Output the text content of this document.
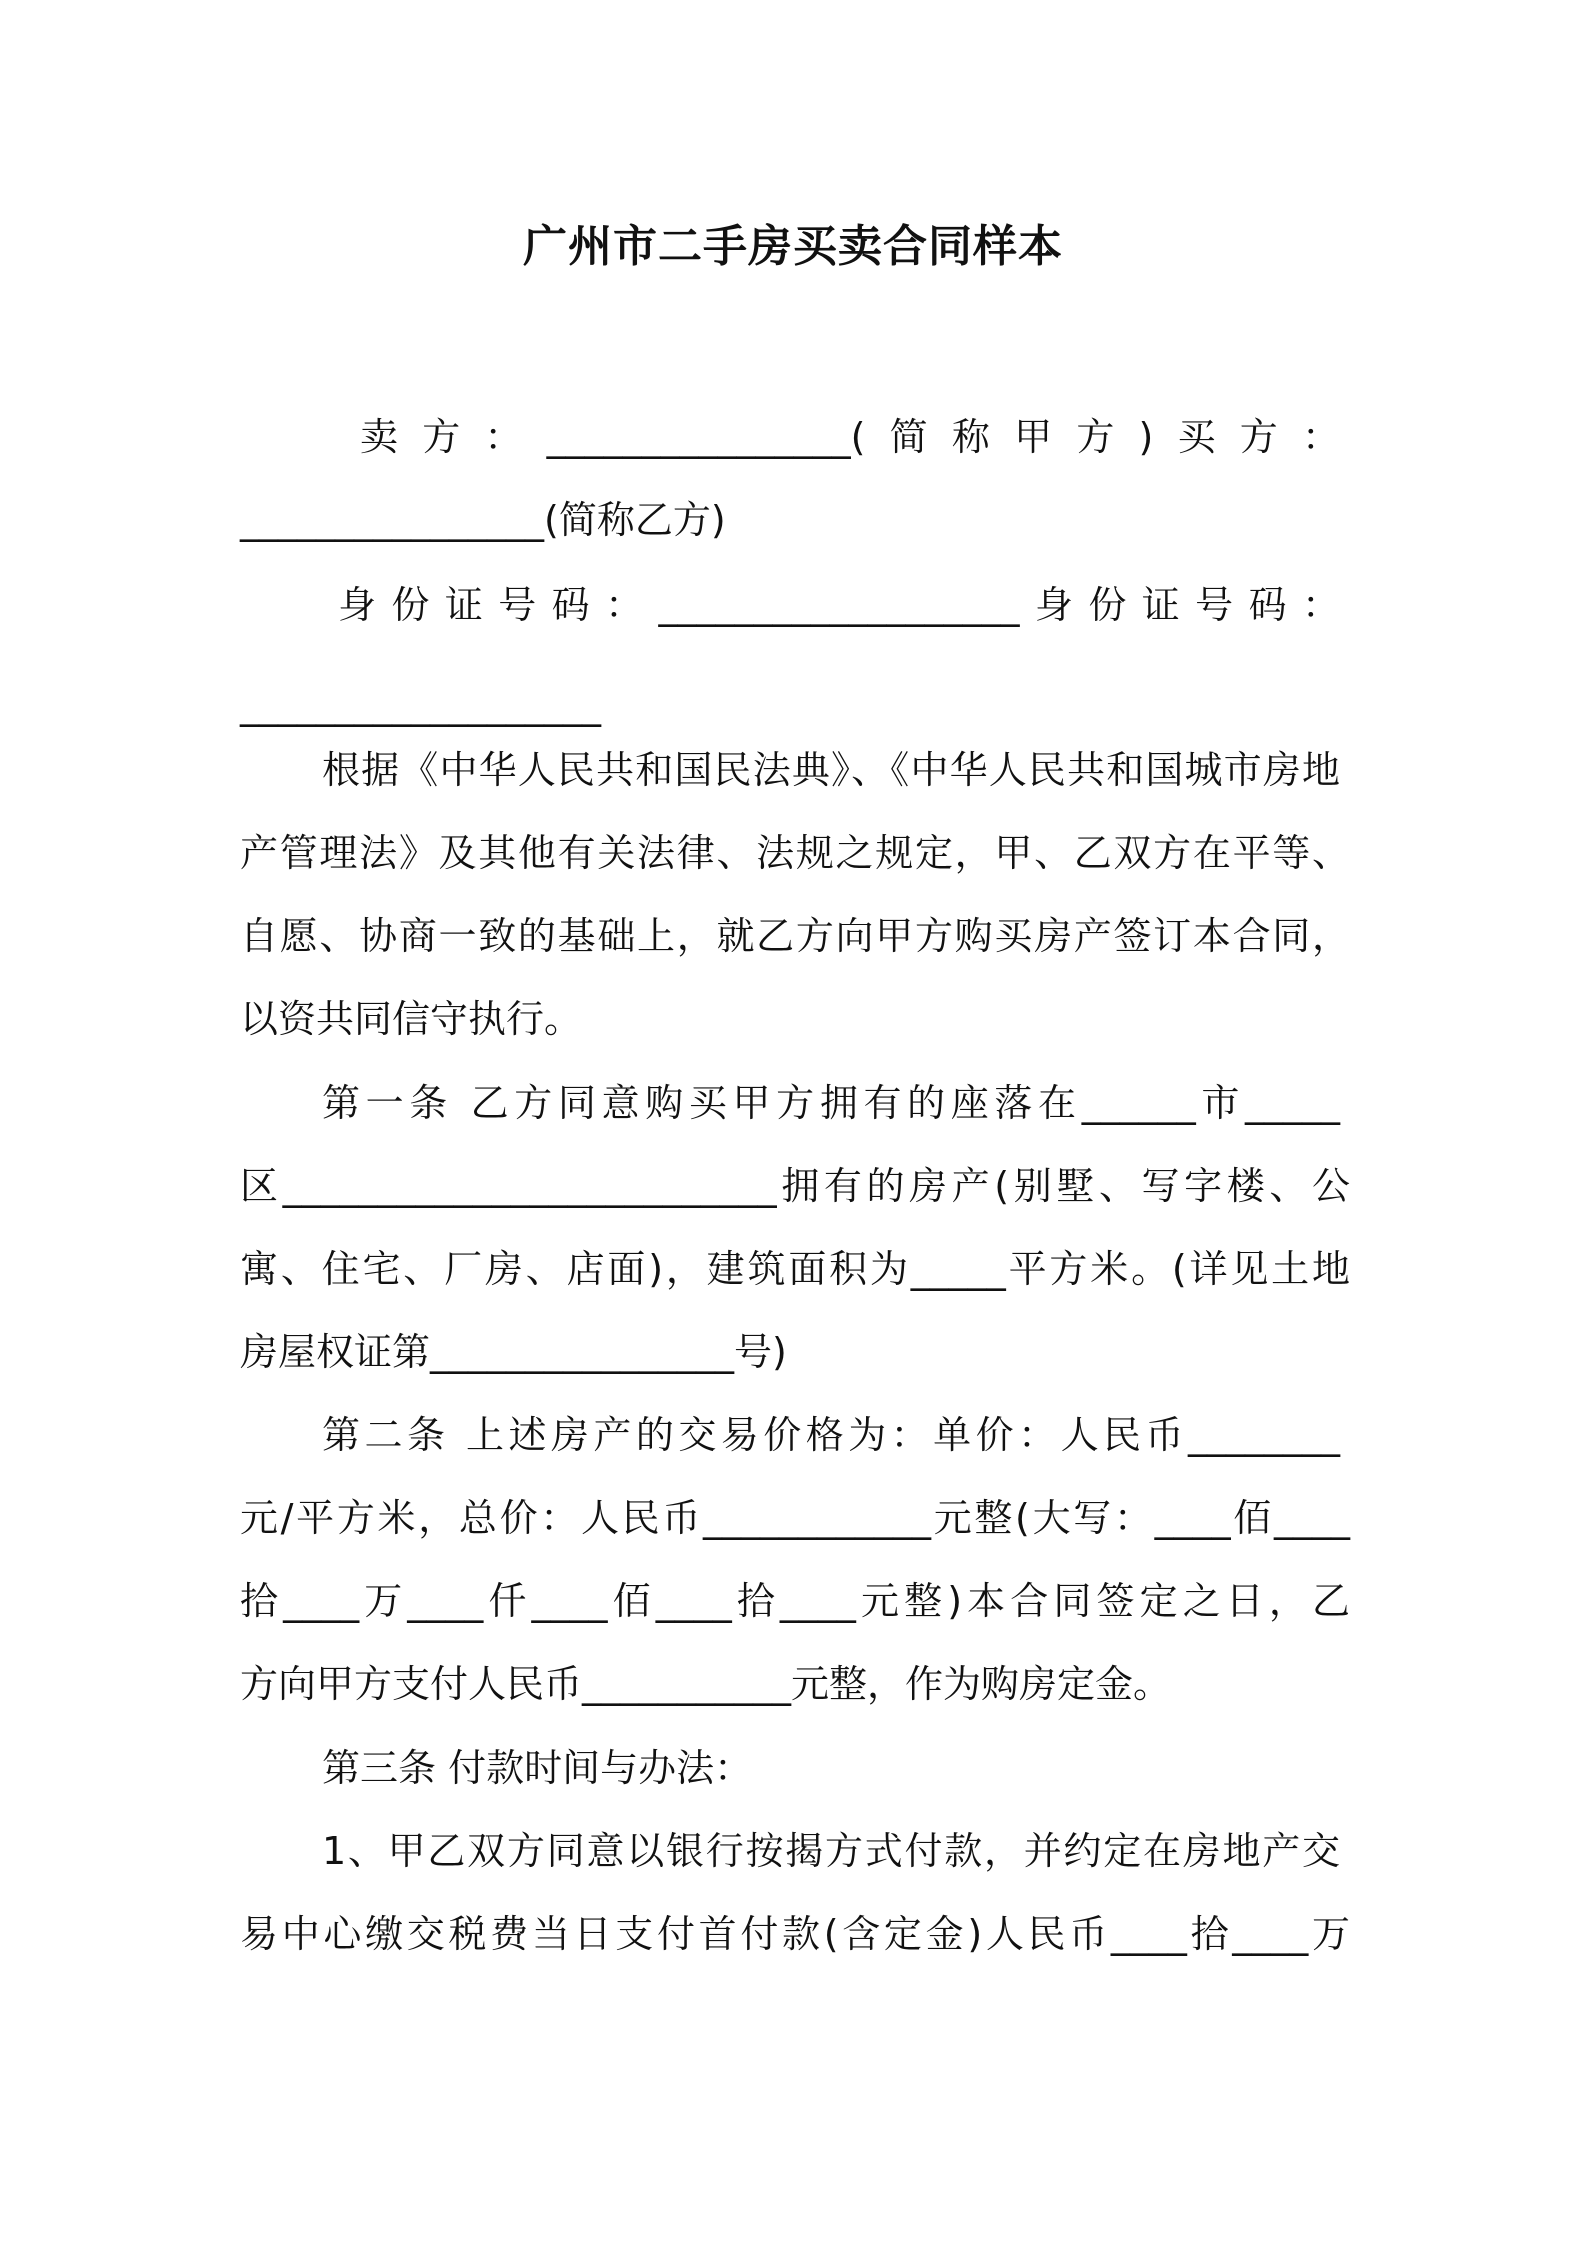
广州市二手房买卖合同样本

卖方：________________(简称甲方)买方：

________________(简称乙方)

身份证号码：___________________身份证号码：

___________________

根据《中华人民共和国民法典》、《中华人民共和国城市房地

产管理法》及其他有关法律、法规之规定，甲、乙双方在平等、

自愿、协商一致的基础上，就乙方向甲方购买房产签订本合同，

以资共同信守执行。

第一条 乙方同意购买甲方拥有的座落在______市_____

区__________________________拥有的房产(别墅、写字楼、公

寓、住宅、厂房、店面)，建筑面积为_____平方米。(详见土地

房屋权证第________________号)

第二条 上述房产的交易价格为：单价：人民币________

元/平方米，总价：人民币____________元整(大写：____佰____

拾____万____仟____佰____拾____元整)本合同签定之日，乙

方向甲方支付人民币___________元整，作为购房定金。

第三条 付款时间与办法：

1、甲乙双方同意以银行按揭方式付款，并约定在房地产交

易中心缴交税费当日支付首付款(含定金)人民币____拾____万
